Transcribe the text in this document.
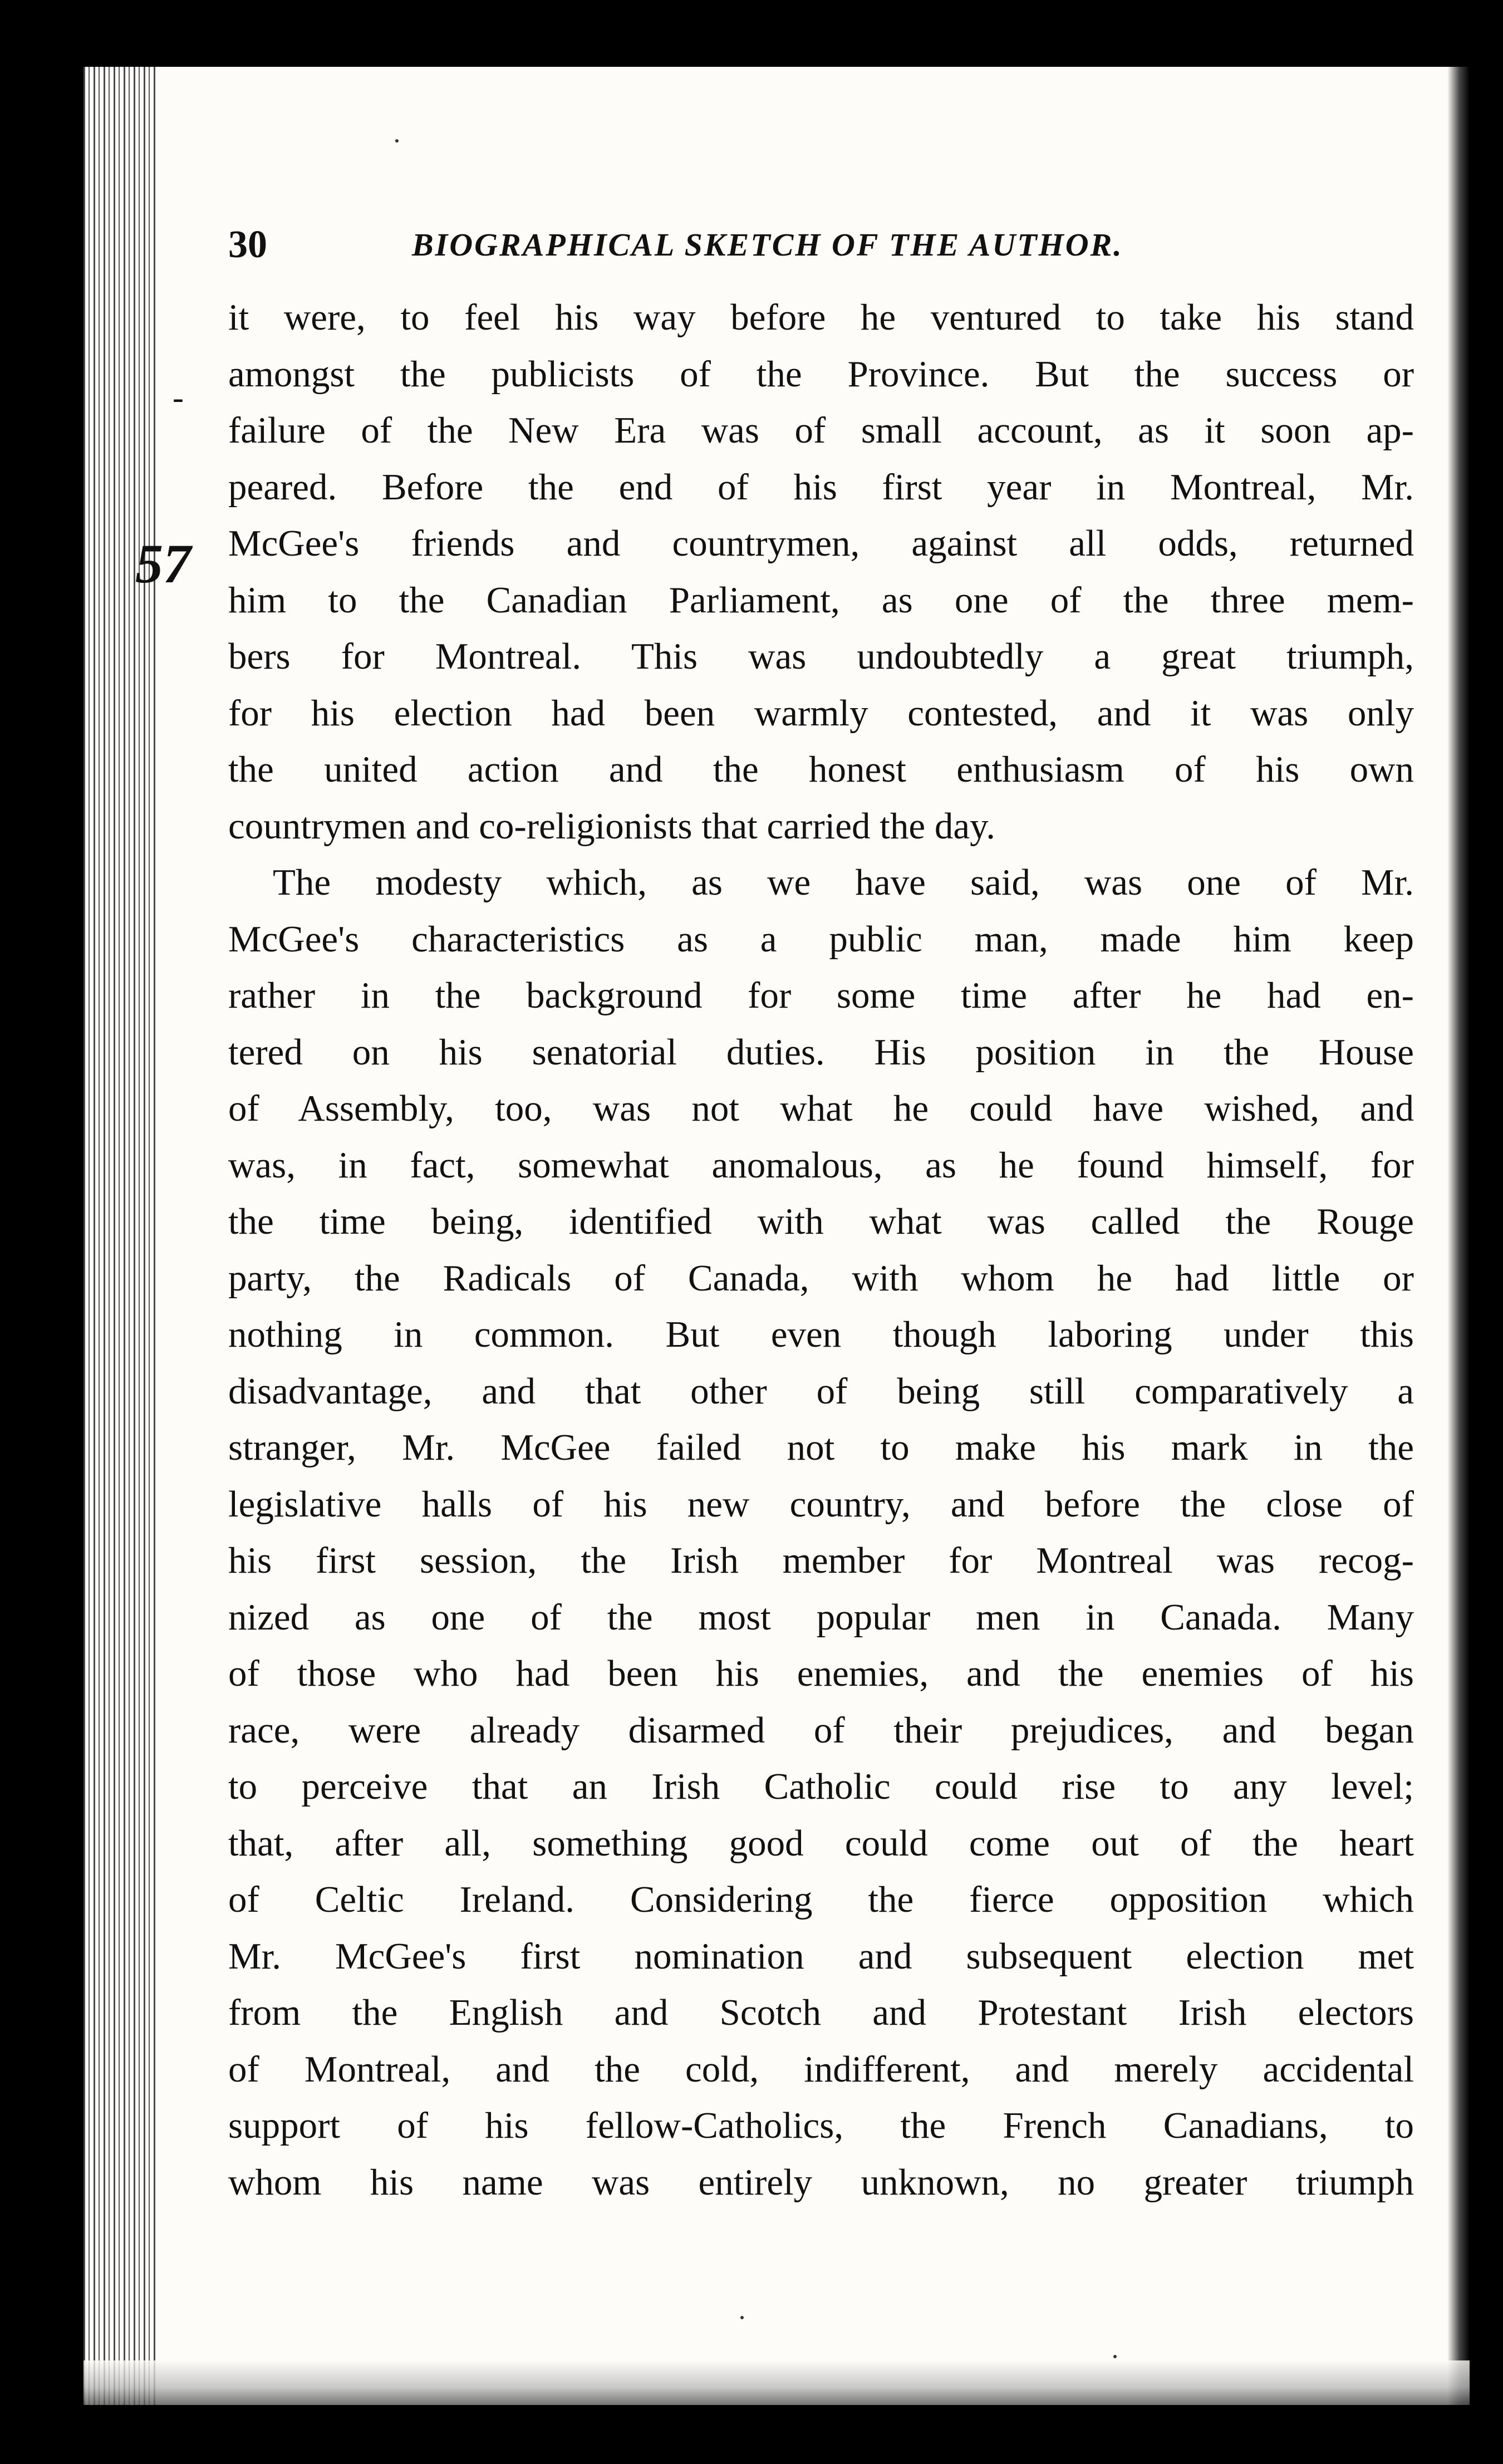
30	BIOGRAPHICAL SKETCH OF THE AUTHOR.
57
-
it were, to feel his way before he ventured to take his stand
amongst the publicists of the Province. But the success or
failure of the New Era was of small account, as it soon ap-
peared. Before the end of his first year in Montreal, Mr.
McGee's friends and countrymen, against all odds, returned
him to the Canadian Parliament, as one of the three mem-
bers for Montreal. This was undoubtedly a great triumph,
for his election had been warmly contested, and it was only
the united action and the honest enthusiasm of his own
countrymen and co-religionists that carried the day.
The modesty which, as we have said, was one of Mr.
McGee's characteristics as a public man, made him keep
rather in the background for some time after he had en-
tered on his senatorial duties. His position in the House
of Assembly, too, was not what he could have wished, and
was, in fact, somewhat anomalous, as he found himself, for
the time being, identified with what was called the Rouge
party, the Radicals of Canada, with whom he had little or
nothing in common. But even though laboring under this
disadvantage, and that other of being still comparatively a
stranger, Mr. McGee failed not to make his mark in the
legislative halls of his new country, and before the close of
his first session, the Irish member for Montreal was recog-
nized as one of the most popular men in Canada. Many
of those who had been his enemies, and the enemies of his
race, were already disarmed of their prejudices, and began
to perceive that an Irish Catholic could rise to any level;
that, after all, something good could come out of the heart
of Celtic Ireland. Considering the fierce opposition which
Mr. McGee's first nomination and subsequent election met
from the English and Scotch and Protestant Irish electors
of Montreal, and the cold, indifferent, and merely accidental
support of his fellow-Catholics, the French Canadians, to
whom his name was entirely unknown, no greater triumph
